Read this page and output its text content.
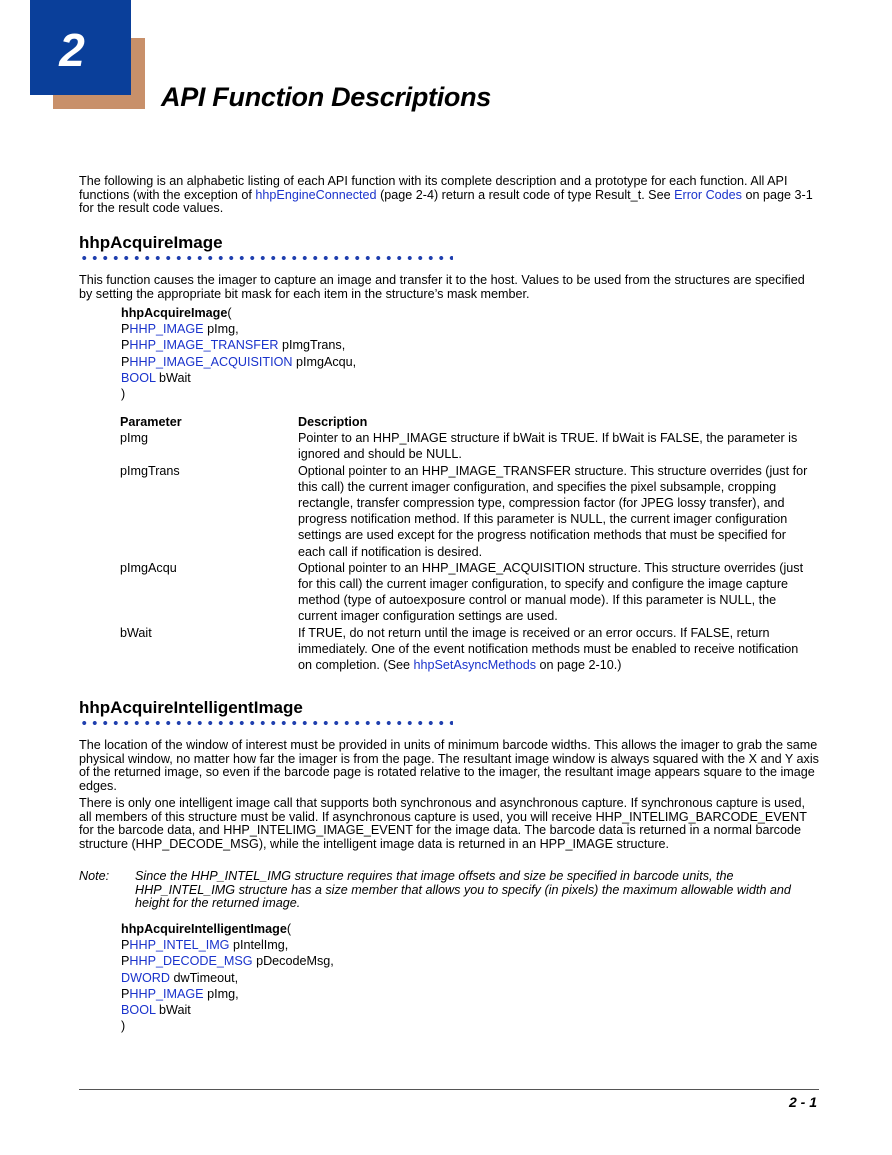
2
API Function Descriptions
The following is an alphabetic listing of each API function with its complete description and a prototype for each function. All API functions (with the exception of hhpEngineConnected (page 2-4) return a result code of type Result_t. See Error Codes on page 3-1 for the result code values.
hhpAcquireImage
This function causes the imager to capture an image and transfer it to the host. Values to be used from the structures are specified by setting the appropriate bit mask for each item in the structure’s mask member.
hhpAcquireImage(
PHHP_IMAGE pImg,
PHHP_IMAGE_TRANSFER pImgTrans,
PHHP_IMAGE_ACQUISITION pImgAcqu,
BOOL bWait
)
Parameter	Description
pImg	Pointer to an HHP_IMAGE structure if bWait is TRUE. If bWait is FALSE, the parameter is ignored and should be NULL.
pImgTrans	Optional pointer to an HHP_IMAGE_TRANSFER structure. This structure overrides (just for this call) the current imager configuration, and specifies the pixel subsample, cropping rectangle, transfer compression type, compression factor (for JPEG lossy transfer), and progress notification method. If this parameter is NULL, the current imager configuration settings are used except for the progress notification methods that must be specified for each call if notification is desired.
pImgAcqu	Optional pointer to an HHP_IMAGE_ACQUISITION structure. This structure overrides (just for this call) the current imager configuration, to specify and configure the image capture method (type of autoexposure control or manual mode). If this parameter is NULL, the current imager configuration settings are used.
bWait	If TRUE, do not return until the image is received or an error occurs. If FALSE, return immediately. One of the event notification methods must be enabled to receive notification on completion. (See hhpSetAsyncMethods on page 2-10.)
hhpAcquireIntelligentImage
The location of the window of interest must be provided in units of minimum barcode widths. This allows the imager to grab the same physical window, no matter how far the imager is from the page. The resultant image window is always squared with the X and Y axis of the returned image, so even if the barcode page is rotated relative to the imager, the resultant image appears square to the image edges.
There is only one intelligent image call that supports both synchronous and asynchronous capture. If synchronous capture is used, all members of this structure must be valid. If asynchronous capture is used, you will receive HHP_INTELIMG_BARCODE_EVENT for the barcode data, and HHP_INTELIMG_IMAGE_EVENT for the image data. The barcode data is returned in a normal barcode structure (HHP_DECODE_MSG), while the intelligent image data is returned in an HPP_IMAGE structure.
Note:	Since the HHP_INTEL_IMG structure requires that image offsets and size be specified in barcode units, the HHP_INTEL_IMG structure has a size member that allows you to specify (in pixels) the maximum allowable width and height for the returned image.
hhpAcquireIntelligentImage(
PHHP_INTEL_IMG pIntelImg,
PHHP_DECODE_MSG pDecodeMsg,
DWORD dwTimeout,
PHHP_IMAGE pImg,
BOOL bWait
)
2 - 1
